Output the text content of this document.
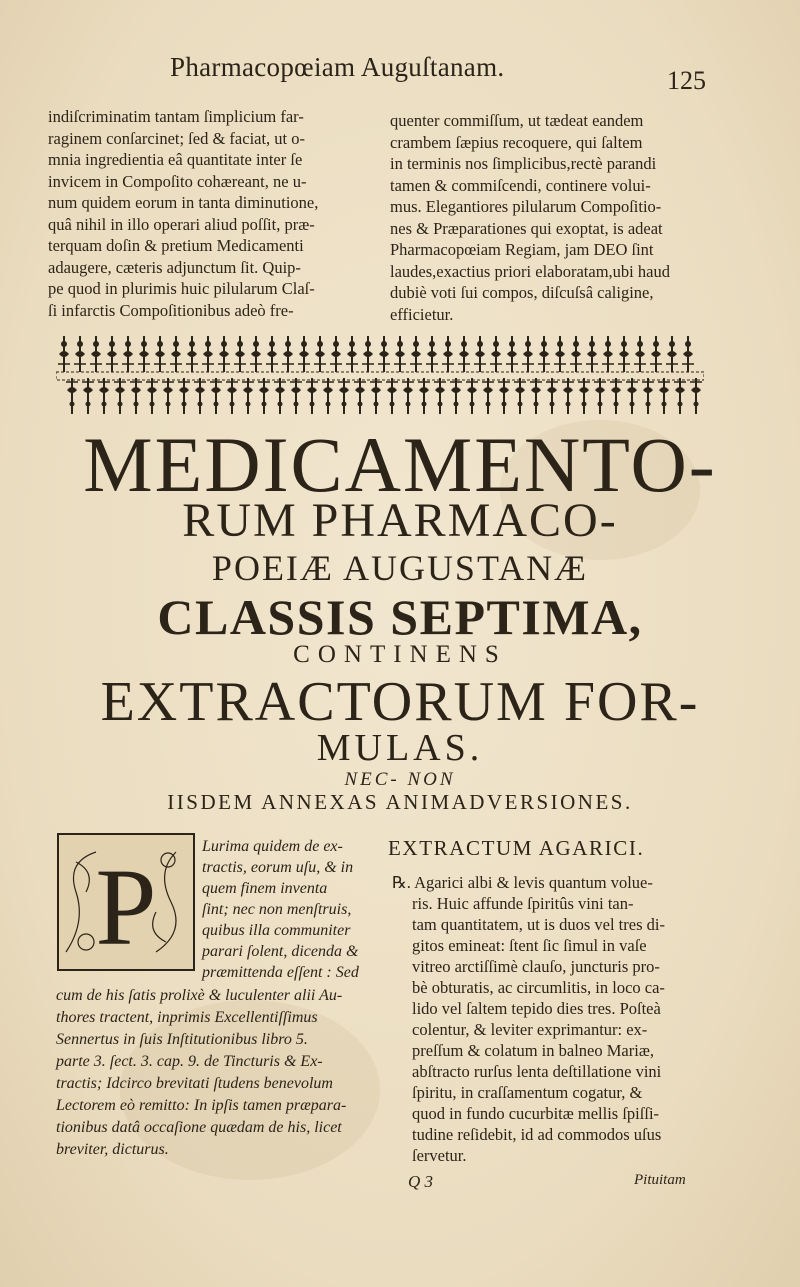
Pharmacopœiam Auguſtanam.	125
indiſcriminatim tantam ſimplicium far-
raginem conſarcinet; ſed & faciat, ut o-
mnia ingredientia eâ quantitate inter ſe
invicem in Compoſito cohæreant, ne u-
num quidem eorum in tanta diminutione,
quâ nihil in illo operari aliud poſſit, præ-
terquam doſin & pretium Medicamenti
adaugere, cæteris adjunctum ſit. Quip-
pe quod in plurimis huic pilularum Claſ-
ſi infarctis Compoſitionibus adeò fre-
quenter commiſſum, ut tædeat eandem
crambem ſæpius recoquere, qui ſaltem
in terminis nos ſimplicibus,rectè parandi
tamen & commiſcendi, continere volui-
mus. Elegantiores pilularum Compoſitio-
nes & Præparationes qui exoptat, is adeat
Pharmacopœiam Regiam, jam DEO ſint
laudes,exactius priori elaboratam,ubi haud
dubiè voti ſui compos, diſcuſsâ caligine,
efficietur.
MEDICAMENTO-
RUM PHARMACO-
POEIÆ AUGUSTANÆ
CLASSIS SEPTIMA,
CONTINENS
EXTRACTORUM FOR-
MULAS.
NEC- NON
IISDEM ANNEXAS ANIMADVERSIONES.
P	Lurima quidem de ex-
tractis, eorum uſu, & in
quem finem inventa
ſint; nec non menſtruis,
quibus illa communiter
parari ſolent, dicenda &
præmittenda eſſent : Sed
cum de his ſatis prolixè & luculenter alii Au-
thores tractent, inprimis Excellentiſſimus
Sennertus in ſuis Inſtitutionibus libro 5.
parte 3. ſect. 3. cap. 9. de Tincturis & Ex-
tractis; Idcirco brevitati ſtudens benevolum
Lectorem eò remitto: In ipſis tamen præpara-
tionibus datâ occaſione quædam de his, licet
breviter, dicturus.
EXTRACTUM AGARICI.
℞. Agarici albi & levis quantum volue-
ris. Huic affunde ſpiritûs vini tan-
tam quantitatem, ut is duos vel tres di-
gitos emineat: ſtent ſic ſimul in vaſe
vitreo arctiſſimè clauſo, juncturis pro-
bè obturatis, ac circumlitis, in loco ca-
lido vel ſaltem tepido dies tres. Poſteà
colentur, & leviter exprimantur: ex-
preſſum & colatum in balneo Mariæ,
abſtracto rurſus lenta deſtillatione vini
ſpiritu, in craſſamentum cogatur, &
quod in fundo cucurbitæ mellis ſpiſſi-
tudine reſidebit, id ad commodos uſus
ſervetur.
Q 3	Pituitam
